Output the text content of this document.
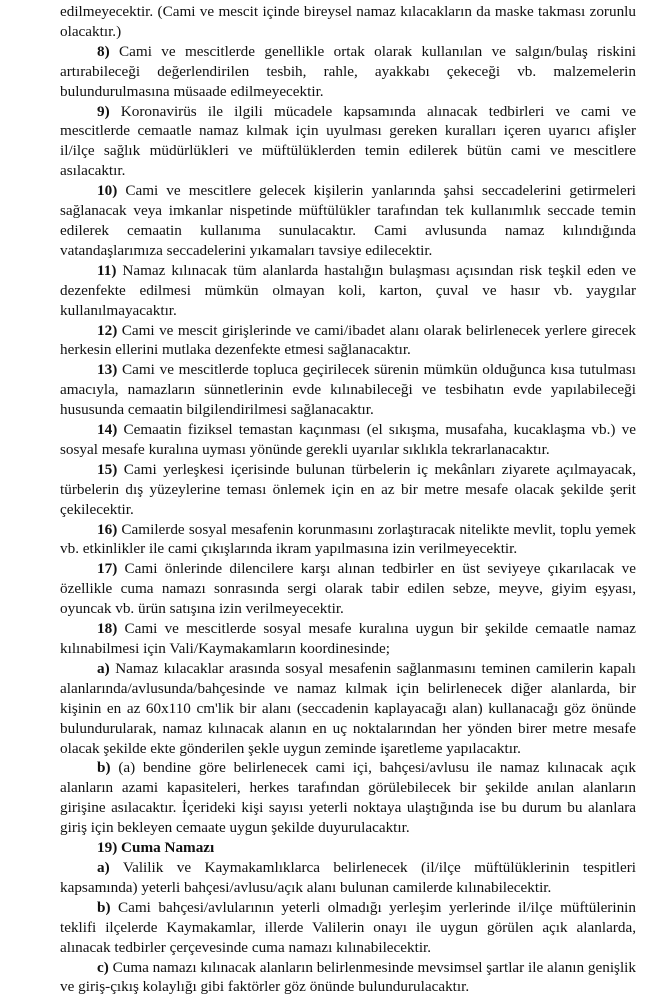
edilmeyecektir. (Cami ve mescit içinde bireysel namaz kılacakların da maske takması zorunlu olacaktır.)

8) Cami ve mescitlerde genellikle ortak olarak kullanılan ve salgın/bulaş riskini artırabileceği değerlendirilen tesbih, rahle, ayakkabı çekeceği vb. malzemelerin bulundurulmasına müsaade edilmeyecektir.

9) Koronavirüs ile ilgili mücadele kapsamında alınacak tedbirleri ve cami ve mescitlerde cemaatle namaz kılmak için uyulması gereken kuralları içeren uyarıcı afişler il/ilçe sağlık müdürlükleri ve müftülüklerden temin edilerek bütün cami ve mescitlere asılacaktır.

10) Cami ve mescitlere gelecek kişilerin yanlarında şahsi seccadelerini getirmeleri sağlanacak veya imkanlar nispetinde müftülükler tarafından tek kullanımlık seccade temin edilerek cemaatin kullanıma sunulacaktır. Cami avlusunda namaz kılındığında vatandaşlarımıza seccadelerini yıkamaları tavsiye edilecektir.

11) Namaz kılınacak tüm alanlarda hastalığın bulaşması açısından risk teşkil eden ve dezenfekte edilmesi mümkün olmayan koli, karton, çuval ve hasır vb. yaygılar kullanılmayacaktır.

12) Cami ve mescit girişlerinde ve cami/ibadet alanı olarak belirlenecek yerlere girecek herkesin ellerini mutlaka dezenfekte etmesi sağlanacaktır.

13) Cami ve mescitlerde topluca geçirilecek sürenin mümkün olduğunca kısa tutulması amacıyla, namazların sünnetlerinin evde kılınabileceği ve tesbihatın evde yapılabileceği hususunda cemaatin bilgilendirilmesi sağlanacaktır.

14) Cemaatin fiziksel temastan kaçınması (el sıkışma, musafaha, kucaklaşma vb.) ve sosyal mesafe kuralına uyması yönünde gerekli uyarılar sıklıkla tekrarlanacaktır.

15) Cami yerleşkesi içerisinde bulunan türbelerin iç mekânları ziyarete açılmayacak, türbelerin dış yüzeylerine teması önlemek için en az bir metre mesafe olacak şekilde şerit çekilecektir.

16) Camilerde sosyal mesafenin korunmasını zorlaştıracak nitelikte mevlit, toplu yemek vb. etkinlikler ile cami çıkışlarında ikram yapılmasına izin verilmeyecektir.

17) Cami önlerinde dilencilere karşı alınan tedbirler en üst seviyeye çıkarılacak ve özellikle cuma namazı sonrasında sergi olarak tabir edilen sebze, meyve, giyim eşyası, oyuncak vb. ürün satışına izin verilmeyecektir.

18) Cami ve mescitlerde sosyal mesafe kuralına uygun bir şekilde cemaatle namaz kılınabilmesi için Vali/Kaymakamların koordinesinde;

a) Namaz kılacaklar arasında sosyal mesafenin sağlanmasını teminen camilerin kapalı alanlarında/avlusunda/bahçesinde ve namaz kılmak için belirlenecek diğer alanlarda, bir kişinin en az 60x110 cm'lik bir alanı (seccadenin kaplayacağı alan) kullanacağı göz önünde bulundurularak, namaz kılınacak alanın en uç noktalarından her yönden birer metre mesafe olacak şekilde ekte gönderilen şekle uygun zeminde işaretleme yapılacaktır.

b) (a) bendine göre belirlenecek cami içi, bahçesi/avlusu ile namaz kılınacak açık alanların azami kapasiteleri, herkes tarafından görülebilecek bir şekilde anılan alanların girişine asılacaktır. İçerideki kişi sayısı yeterli noktaya ulaştığında ise bu durum bu alanlara giriş için bekleyen cemaate uygun şekilde duyurulacaktır.

19) Cuma Namazı

a) Valilik ve Kaymakamlıklarca belirlenecek (il/ilçe müftülüklerinin tespitleri kapsamında) yeterli bahçesi/avlusu/açık alanı bulunan camilerde kılınabilecektir.

b) Cami bahçesi/avlularının yeterli olmadığı yerleşim yerlerinde il/ilçe müftülerinin teklifi ilçelerde Kaymakamlar, illerde Valilerin onayı ile uygun görülen açık alanlarda, alınacak tedbirler çerçevesinde cuma namazı kılınabilecektir.

c) Cuma namazı kılınacak alanların belirlenmesinde mevsimsel şartlar ile alanın genişlik ve giriş-çıkış kolaylığı gibi faktörler göz önünde bulundurulacaktır.
